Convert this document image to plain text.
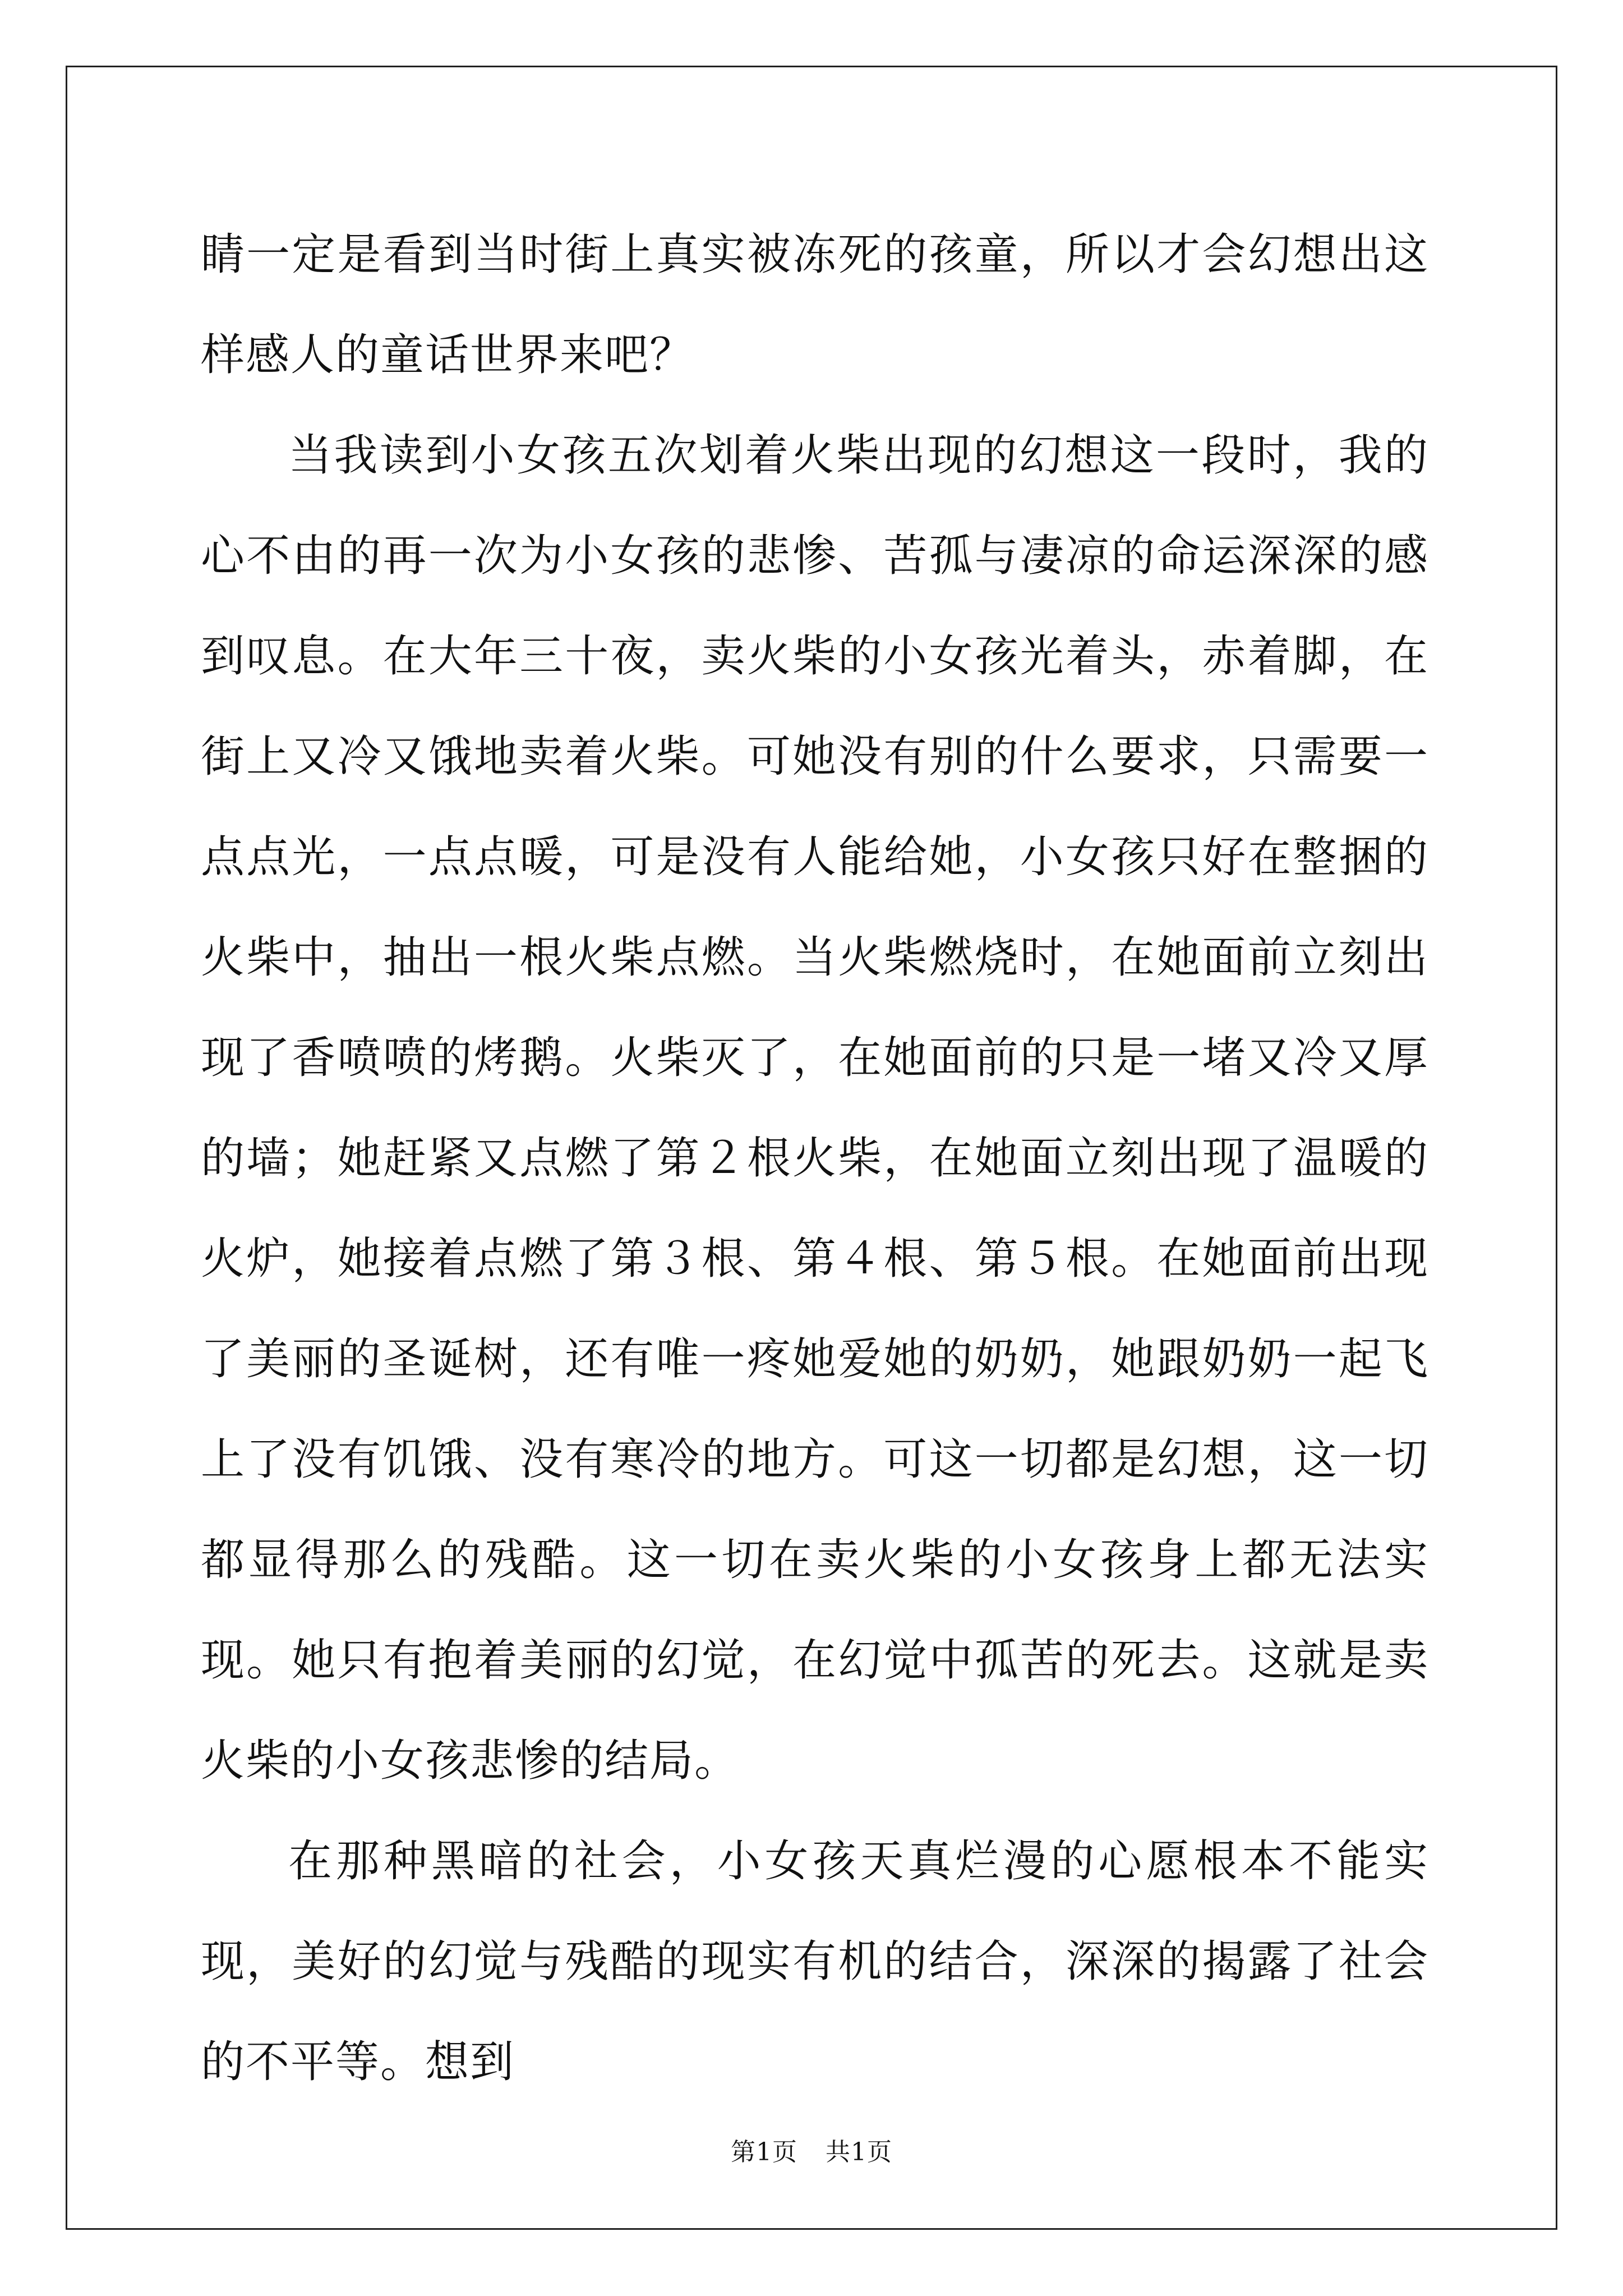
睛一定是看到当时街上真实被冻死的孩童，所以才会幻想出这样感人的童话世界来吧？

当我读到小女孩五次划着火柴出现的幻想这一段时，我的心不由的再一次为小女孩的悲惨、苦孤与凄凉的命运深深的感到叹息。在大年三十夜，卖火柴的小女孩光着头，赤着脚，在街上又冷又饿地卖着火柴。可她没有别的什么要求，只需要一点点光，一点点暖，可是没有人能给她，小女孩只好在整捆的火柴中，抽出一根火柴点燃。当火柴燃烧时，在她面前立刻出现了香喷喷的烤鹅。火柴灭了，在她面前的只是一堵又冷又厚的墙；她赶紧又点燃了第２根火柴，在她面立刻出现了温暖的火炉，她接着点燃了第３根、第４根、第５根。在她面前出现了美丽的圣诞树，还有唯一疼她爱她的奶奶，她跟奶奶一起飞上了没有饥饿、没有寒冷的地方。可这一切都是幻想，这一切都显得那么的残酷。这一切在卖火柴的小女孩身上都无法实现。她只有抱着美丽的幻觉，在幻觉中孤苦的死去。这就是卖火柴的小女孩悲惨的结局。

在那种黑暗的社会，小女孩天真烂漫的心愿根本不能实现，美好的幻觉与残酷的现实有机的结合，深深的揭露了社会的不平等。想到

第1页 共1页
